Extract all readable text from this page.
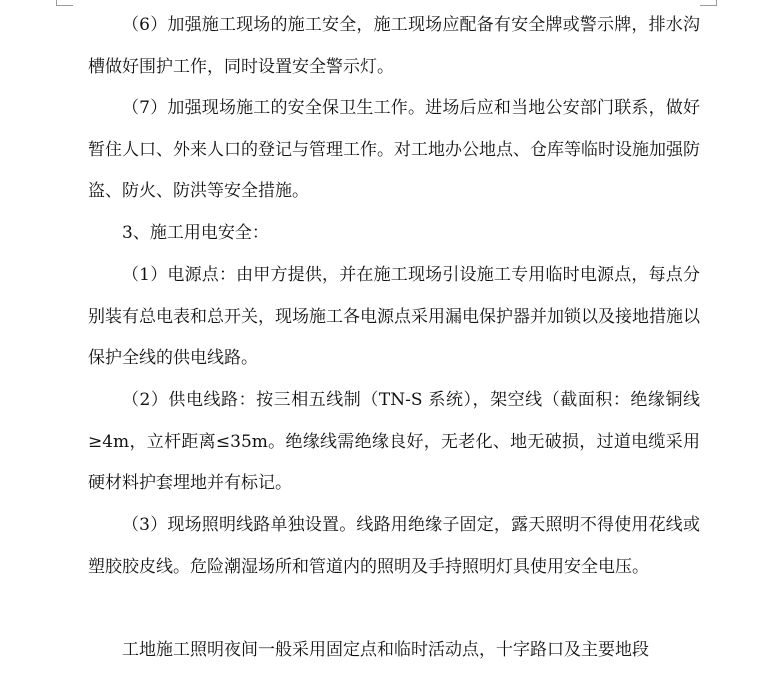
（6）加强施工现场的施工安全，施工现场应配备有安全牌或警示牌，排水沟槽做好围护工作，同时设置安全警示灯。

（7）加强现场施工的安全保卫生工作。进场后应和当地公安部门联系，做好暂住人口、外来人口的登记与管理工作。对工地办公地点、仓库等临时设施加强防盗、防火、防洪等安全措施。

3、施工用电安全：

（1）电源点：由甲方提供，并在施工现场引设施工专用临时电源点，每点分别装有总电表和总开关，现场施工各电源点采用漏电保护器并加锁以及接地措施以保护全线的供电线路。

（2）供电线路：按三相五线制（TN-S 系统），架空线（截面积：绝缘铜线≥4m，立杆距离≤35m。绝缘线需绝缘良好，无老化、地无破损，过道电缆采用硬材料护套埋地并有标记。

（3）现场照明线路单独设置。线路用绝缘子固定，露天照明不得使用花线或塑胶胶皮线。危险潮湿场所和管道内的照明及手持照明灯具使用安全电压。

工地施工照明夜间一般采用固定点和临时活动点，十字路口及主要地段
